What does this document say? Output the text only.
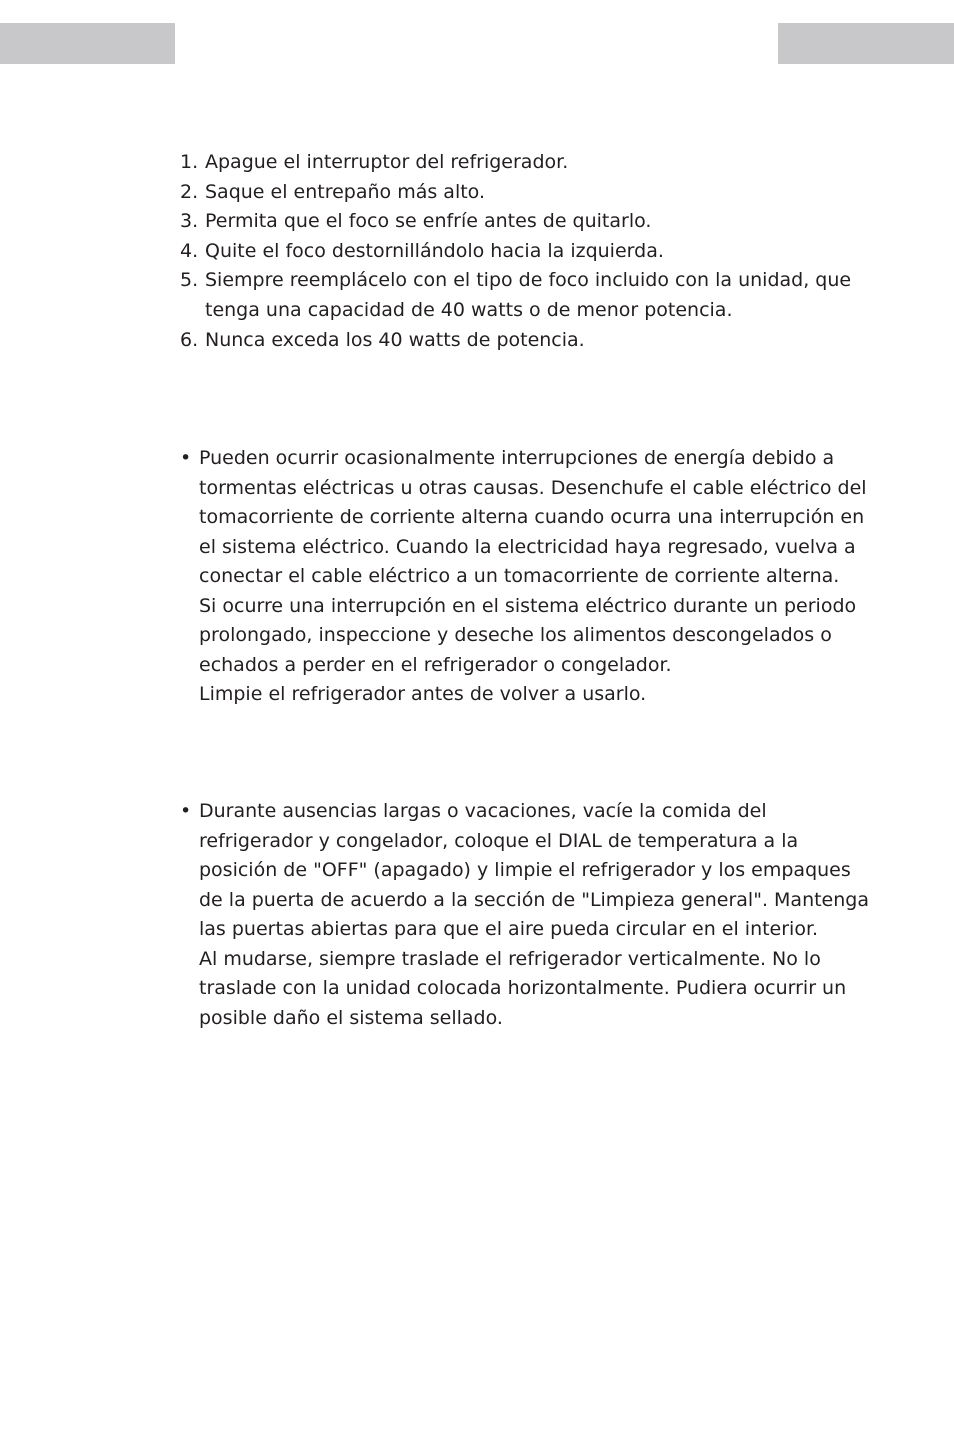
1. Apague el interruptor del refrigerador.
2. Saque el entrepaño más alto.
3. Permita que el foco se enfríe antes de quitarlo.
4. Quite el foco destornillándolo hacia la izquierda.
5. Siempre reemplácelo con el tipo de foco incluido con la unidad, que tenga una capacidad de 40 watts o de menor potencia.
6. Nunca exceda los 40 watts de potencia.
• Pueden ocurrir ocasionalmente interrupciones de energía debido a tormentas eléctricas u otras causas. Desenchufe el cable eléctrico del tomacorriente de corriente alterna cuando ocurra una interrupción en el sistema eléctrico. Cuando la electricidad haya regresado, vuelva a conectar el cable eléctrico a un tomacorriente de corriente alterna.

Si ocurre una interrupción en el sistema eléctrico durante un periodo prolongado, inspeccione y deseche los alimentos descongelados o echados a perder en el refrigerador o congelador.

Limpie el refrigerador antes de volver a usarlo.

• Durante ausencias largas o vacaciones, vacíe la comida del refrigerador y congelador, coloque el DIAL de temperatura a la posición de "OFF" (apagado) y limpie el refrigerador y los empaques de la puerta de acuerdo a la sección de "Limpieza general". Mantenga las puertas abiertas para que el aire pueda circular en el interior.

Al mudarse, siempre traslade el refrigerador verticalmente. No lo traslade con la unidad colocada horizontalmente. Pudiera ocurrir un posible daño el sistema sellado.
